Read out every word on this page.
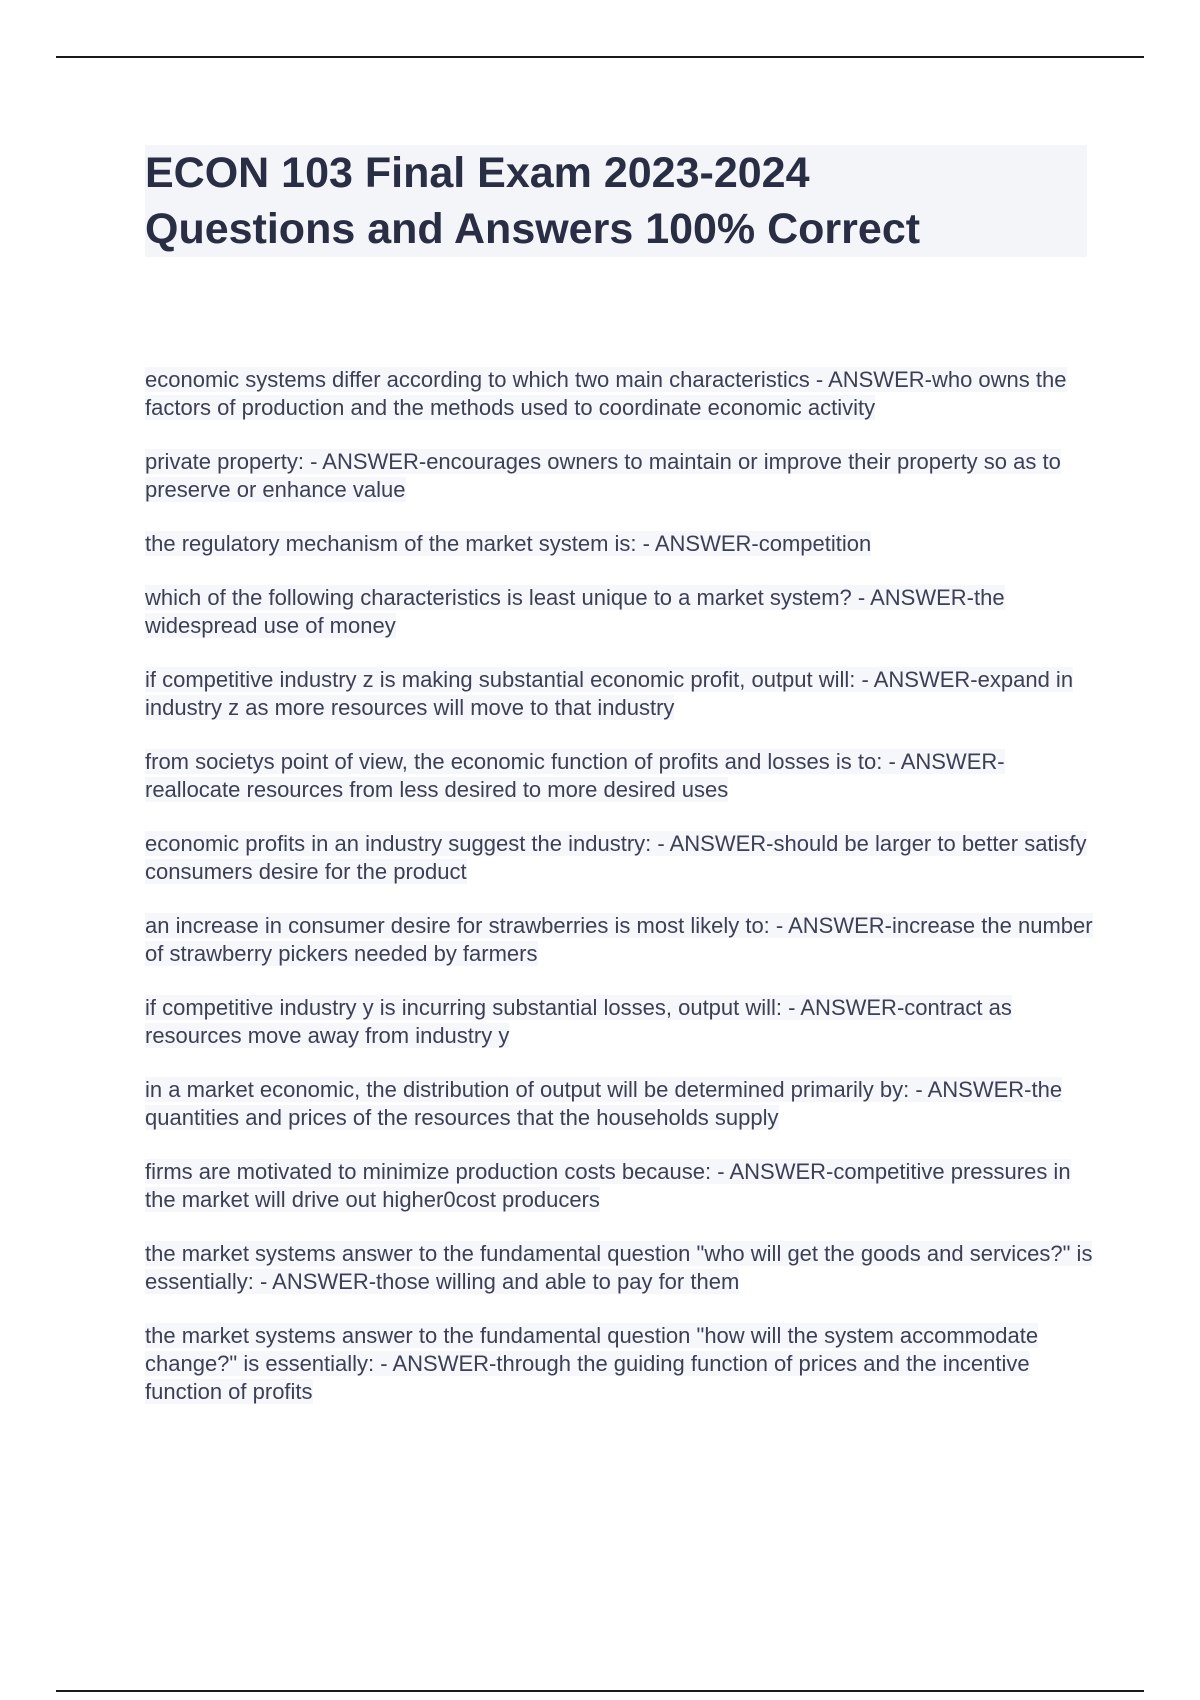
ECON 103 Final Exam 2023-2024
Questions and Answers 100% Correct

economic systems differ according to which two main characteristics - ANSWER-who owns the factors of production and the methods used to coordinate economic activity

private property: - ANSWER-encourages owners to maintain or improve their property so as to preserve or enhance value

the regulatory mechanism of the market system is: - ANSWER-competition

which of the following characteristics is least unique to a market system? - ANSWER-the widespread use of money

if competitive industry z is making substantial economic profit, output will: - ANSWER-expand in industry z as more resources will move to that industry

from societys point of view, the economic function of profits and losses is to: - ANSWER-reallocate resources from less desired to more desired uses

economic profits in an industry suggest the industry: - ANSWER-should be larger to better satisfy consumers desire for the product

an increase in consumer desire for strawberries is most likely to: - ANSWER-increase the number of strawberry pickers needed by farmers

if competitive industry y is incurring substantial losses, output will: - ANSWER-contract as resources move away from industry y

in a market economic, the distribution of output will be determined primarily by: - ANSWER-the quantities and prices of the resources that the households supply

firms are motivated to minimize production costs because: - ANSWER-competitive pressures in the market will drive out higher0cost producers

the market systems answer to the fundamental question "who will get the goods and services?" is essentially: - ANSWER-those willing and able to pay for them

the market systems answer to the fundamental question "how will the system accommodate change?" is essentially: - ANSWER-through the guiding function of prices and the incentive function of profits
